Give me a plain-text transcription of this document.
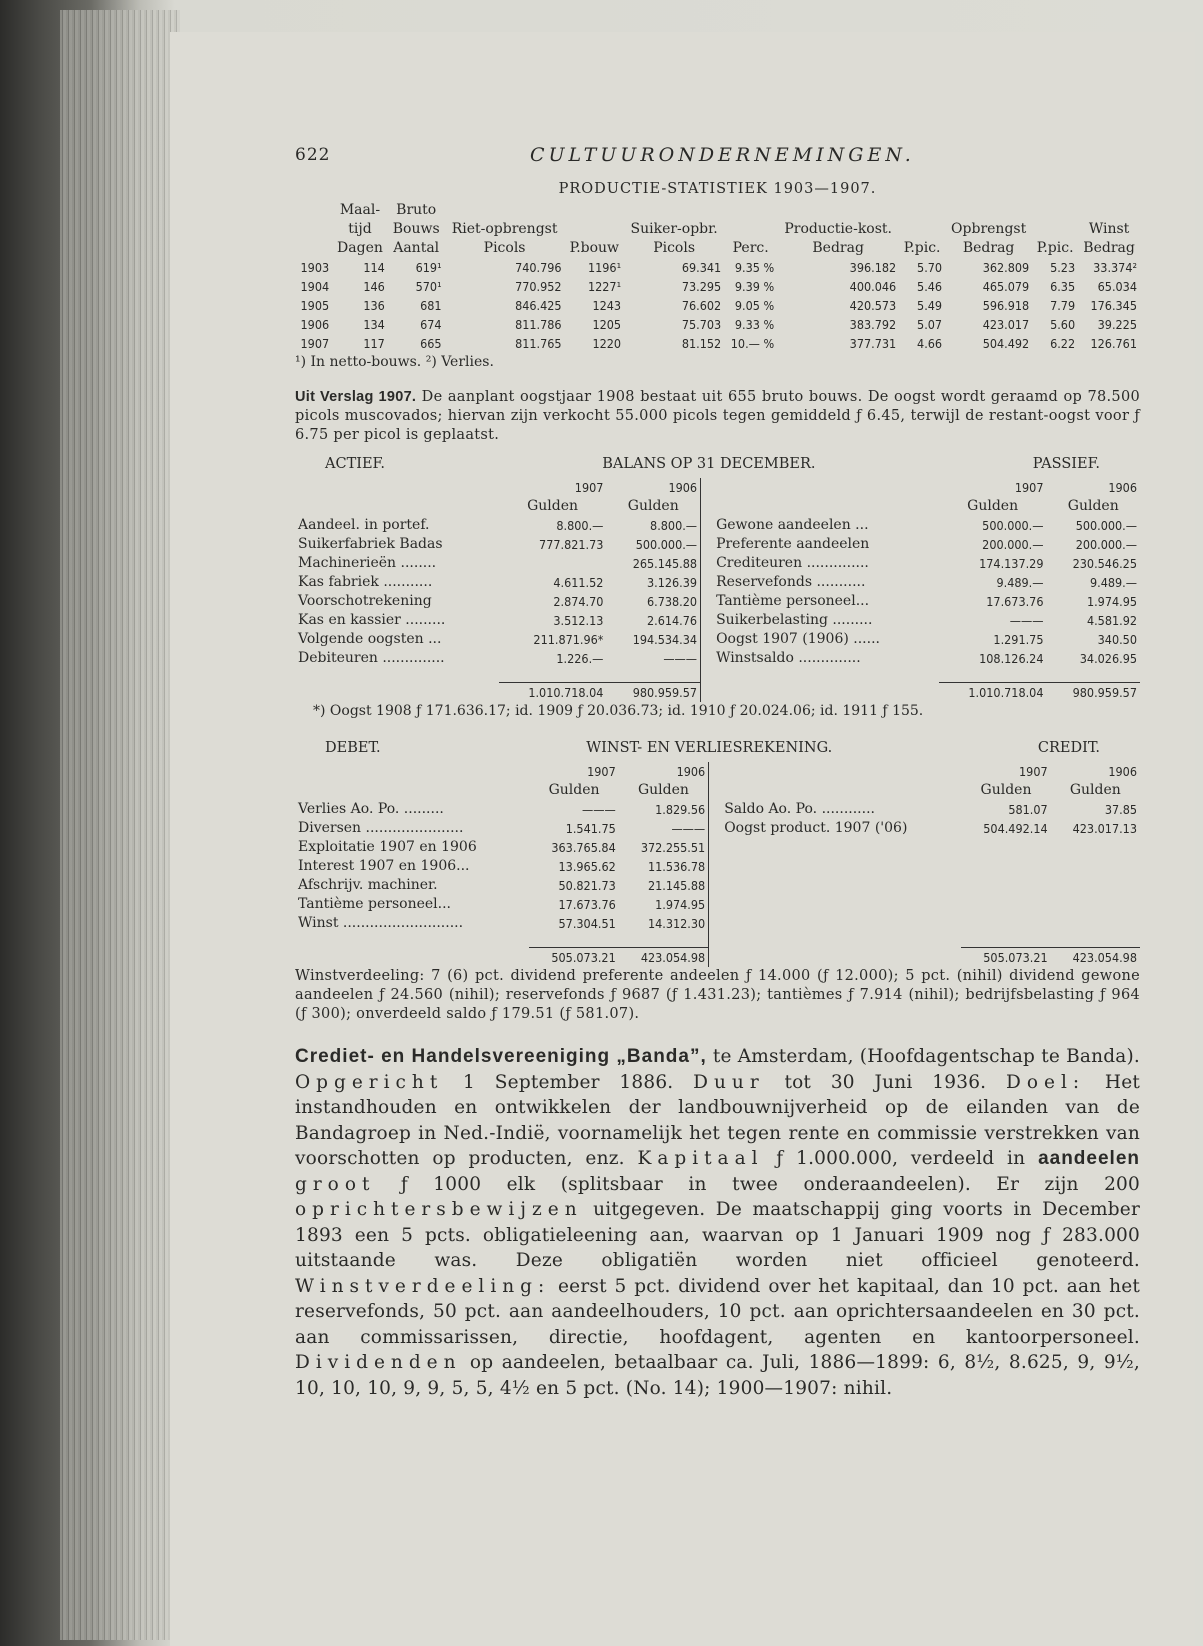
622	CULTUURONDERNEMINGEN.
PRODUCTIE-STATISTIEK 1903—1907.
	Maal-	Bruto									
	tijd	Bouws	Riet-opbrengst		Suiker-opbr.		Productie-kost.		Opbrengst		Winst
	Dagen	Aantal	Picols	P.bouw	Picols	Perc.	Bedrag	P.pic.	Bedrag	P.pic.	Bedrag
1903	114	619¹	740.796	1196¹	69.341	9.35 %	396.182	5.70	362.809	5.23	33.374²
1904	146	570¹	770.952	1227¹	73.295	9.39 %	400.046	5.46	465.079	6.35	65.034
1905	136	681	846.425	1243	76.602	9.05 %	420.573	5.49	596.918	7.79	176.345
1906	134	674	811.786	1205	75.703	9.33 %	383.792	5.07	423.017	5.60	39.225
1907	117	665	811.765	1220	81.152	10.— %	377.731	4.66	504.492	6.22	126.761
¹) In netto-bouws. ²) Verlies.
Uit Verslag 1907. De aanplant oogstjaar 1908 bestaat uit 655 bruto bouws. De oogst wordt geraamd op 78.500 picols muscovados; hiervan zijn verkocht 55.000 picols tegen gemiddeld ƒ 6.45, terwijl de restant-oogst voor ƒ 6.75 per picol is geplaatst.
ACTIEF.	BALANS OP 31 DECEMBER.	PASSIEF.
	1907	1906			1907	1906
	Gulden	Gulden			Gulden	Gulden
Aandeel. in portef.	8.800.—	8.800.—		Gewone aandeelen ...	500.000.—	500.000.—
Suikerfabriek Badas	777.821.73	500.000.—		Preferente aandeelen	200.000.—	200.000.—
Machinerieën ........		265.145.88		Crediteuren ..............	174.137.29	230.546.25
Kas fabriek ...........	4.611.52	3.126.39		Reservefonds ...........	9.489.—	9.489.—
Voorschotrekening	2.874.70	6.738.20		Tantième personeel...	17.673.76	1.974.95
Kas en kassier .........	3.512.13	2.614.76		Suikerbelasting .........	———	4.581.92
Volgende oogsten ...	211.871.96*	194.534.34		Oogst 1907 (1906) ......	1.291.75	340.50
Debiteuren ..............	1.226.—	———		Winstsaldo ..............	108.126.24	34.026.95

	1.010.718.04	980.959.57			1.010.718.04	980.959.57
*) Oogst 1908 ƒ 171.636.17; id. 1909 ƒ 20.036.73; id. 1910 ƒ 20.024.06; id. 1911 ƒ 155.
DEBET.	WINST- EN VERLIESREKENING.	CREDIT.
	1907	1906			1907	1906
	Gulden	Gulden			Gulden	Gulden
Verlies Ao. Po. .........	———	1.829.56		Saldo Ao. Po. ............	581.07	37.85
Diversen ......................	1.541.75	———		Oogst product. 1907 ('06)	504.492.14	423.017.13
Exploitatie 1907 en 1906	363.765.84	372.255.51				
Interest 1907 en 1906...	13.965.62	11.536.78				
Afschrijv. machiner.	50.821.73	21.145.88				
Tantième personeel...	17.673.76	1.974.95				
Winst ...........................	57.304.51	14.312.30				

	505.073.21	423.054.98			505.073.21	423.054.98
Winstverdeeling: 7 (6) pct. dividend preferente andeelen ƒ 14.000 (ƒ 12.000); 5 pct. (nihil) dividend gewone aandeelen ƒ 24.560 (nihil); reservefonds ƒ 9687 (ƒ 1.431.23); tantièmes ƒ 7.914 (nihil); bedrijfsbelasting ƒ 964 (ƒ 300); onverdeeld saldo ƒ 179.51 (ƒ 581.07).
Crediet- en Handelsvereeniging „Banda”, te Amsterdam, (Hoofdagentschap te Banda). Opgericht 1 September 1886. Duur tot 30 Juni 1936. Doel: Het instandhouden en ontwikkelen der landbouwnijverheid op de eilanden van de Bandagroep in Ned.-Indië, voornamelijk het tegen rente en commissie verstrekken van voorschotten op producten, enz. Kapitaal ƒ 1.000.000, verdeeld in aandeelen groot ƒ 1000 elk (splitsbaar in twee onderaandeelen). Er zijn 200 oprichtersbewijzen uitgegeven. De maatschappij ging voorts in December 1893 een 5 pcts. obligatieleening aan, waarvan op 1 Januari 1909 nog ƒ 283.000 uitstaande was. Deze obligatiën worden niet officieel genoteerd. Winstverdeeling: eerst 5 pct. dividend over het kapitaal, dan 10 pct. aan het reservefonds, 50 pct. aan aandeelhouders, 10 pct. aan oprichtersaandeelen en 30 pct. aan commissarissen, directie, hoofdagent, agenten en kantoorpersoneel. Dividenden op aandeelen, betaalbaar ca. Juli, 1886—1899: 6, 8½, 8.625, 9, 9½, 10, 10, 10, 9, 9, 5, 5, 4½ en 5 pct. (No. 14); 1900—1907: nihil.
